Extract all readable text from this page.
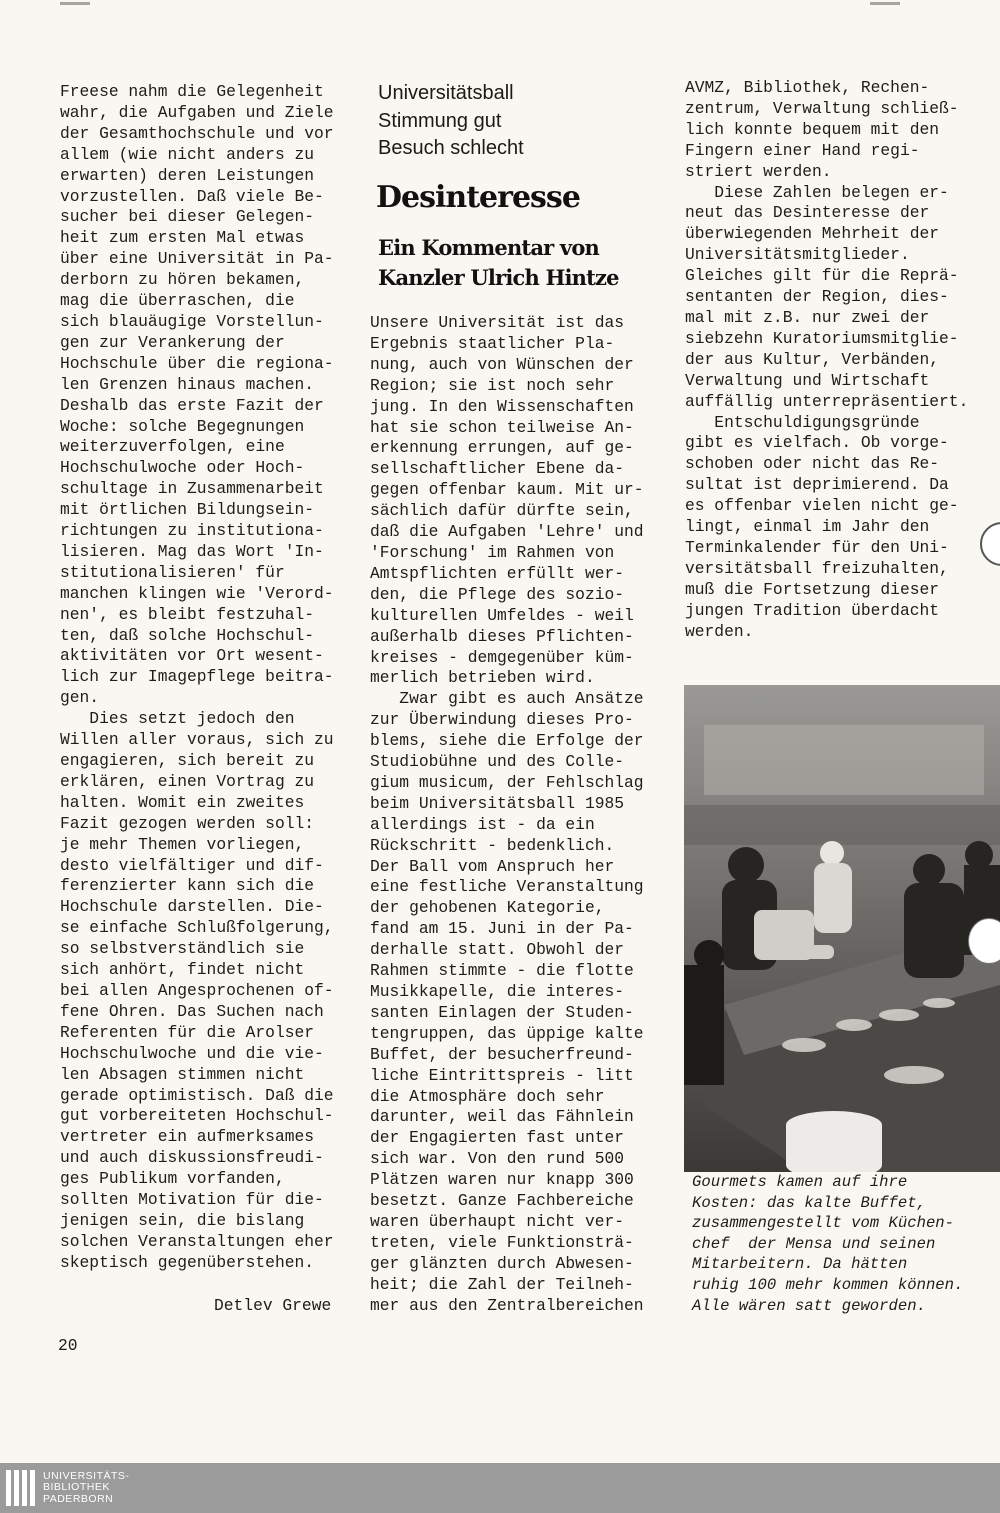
Freese nahm die Gelegenheit

wahr, die Aufgaben und Ziele

der Gesamthochschule und vor

allem (wie nicht anders zu

erwarten) deren Leistungen

vorzustellen. Daß viele Be-

sucher bei dieser Gelegen-

heit zum ersten Mal etwas

über eine Universität in Pa-

derborn zu hören bekamen,

mag die überraschen, die

sich blauäugige Vorstellun-

gen zur Verankerung der

Hochschule über die regiona-

len Grenzen hinaus machen.

Deshalb das erste Fazit der

Woche: solche Begegnungen

weiterzuverfolgen, eine

Hochschulwoche oder Hoch-

schultage in Zusammenarbeit

mit örtlichen Bildungsein-

richtungen zu institutiona-

lisieren. Mag das Wort 'In-

stitutionalisieren' für

manchen klingen wie 'Verord-

nen', es bleibt festzuhal-

ten, daß solche Hochschul-

aktivitäten vor Ort wesent-

lich zur Imagepflege beitra-

gen.

Dies setzt jedoch den

Willen aller voraus, sich zu

engagieren, sich bereit zu

erklären, einen Vortrag zu

halten. Womit ein zweites

Fazit gezogen werden soll:

je mehr Themen vorliegen,

desto vielfältiger und dif-

ferenzierter kann sich die

Hochschule darstellen. Die-

se einfache Schlußfolgerung,

so selbstverständlich sie

sich anhört, findet nicht

bei allen Angesprochenen of-

fene Ohren. Das Suchen nach

Referenten für die Arolser

Hochschulwoche und die vie-

len Absagen stimmen nicht

gerade optimistisch. Daß die

gut vorbereiteten Hochschul-

vertreter ein aufmerksames

und auch diskussionsfreudi-

ges Publikum vorfanden,

sollten Motivation für die-

jenigen sein, die bislang

solchen Veranstaltungen eher

skeptisch gegenüberstehen.

Detlev Grewe
Universitätsball
Stimmung gut
Besuch schlecht
Desinteresse
Ein Kommentar von
Kanzler Ulrich Hintze

Unsere Universität ist das

Ergebnis staatlicher Pla-

nung, auch von Wünschen der

Region; sie ist noch sehr

jung. In den Wissenschaften

hat sie schon teilweise An-

erkennung errungen, auf ge-

sellschaftlicher Ebene da-

gegen offenbar kaum. Mit ur-

sächlich dafür dürfte sein,

daß die Aufgaben 'Lehre' und

'Forschung' im Rahmen von

Amtspflichten erfüllt wer-

den, die Pflege des sozio-

kulturellen Umfeldes - weil

außerhalb dieses Pflichten-

kreises - demgegenüber küm-

merlich betrieben wird.

Zwar gibt es auch Ansätze

zur Überwindung dieses Pro-

blems, siehe die Erfolge der

Studiobühne und des Colle-

gium musicum, der Fehlschlag

beim Universitätsball 1985

allerdings ist - da ein

Rückschritt - bedenklich.

Der Ball vom Anspruch her

eine festliche Veranstaltung

der gehobenen Kategorie,

fand am 15. Juni in der Pa-

derhalle statt. Obwohl der

Rahmen stimmte - die flotte

Musikkapelle, die interes-

santen Einlagen der Studen-

tengruppen, das üppige kalte

Buffet, der besucherfreund-

liche Eintrittspreis - litt

die Atmosphäre doch sehr

darunter, weil das Fähnlein

der Engagierten fast unter

sich war. Von den rund 500

Plätzen waren nur knapp 300

besetzt. Ganze Fachbereiche

waren überhaupt nicht ver-

treten, viele Funktionsträ-

ger glänzten durch Abwesen-

heit; die Zahl der Teilneh-

mer aus den Zentralbereichen

AVMZ, Bibliothek, Rechen-

zentrum, Verwaltung schließ-

lich konnte bequem mit den

Fingern einer Hand regi-

striert werden.

Diese Zahlen belegen er-

neut das Desinteresse der

überwiegenden Mehrheit der

Universitätsmitglieder.

Gleiches gilt für die Reprä-

sentanten der Region, dies-

mal mit z.B. nur zwei der

siebzehn Kuratoriumsmitglie-

der aus Kultur, Verbänden,

Verwaltung und Wirtschaft

auffällig unterrepräsentiert.

Entschuldigungsgründe

gibt es vielfach. Ob vorge-

schoben oder nicht das Re-

sultat ist deprimierend. Da

es offenbar vielen nicht ge-

lingt, einmal im Jahr den

Terminkalender für den Uni-

versitätsball freizuhalten,

muß die Fortsetzung dieser

jungen Tradition überdacht

werden.

Gourmets kamen auf ihre

Kosten: das kalte Buffet,

zusammengestellt vom Küchen-

chef  der Mensa und seinen

Mitarbeitern. Da hätten

ruhig 100 mehr kommen können.

Alle wären satt geworden.

20
UNIVERSITÄTS-
BIBLIOTHEK
PADERBORN
